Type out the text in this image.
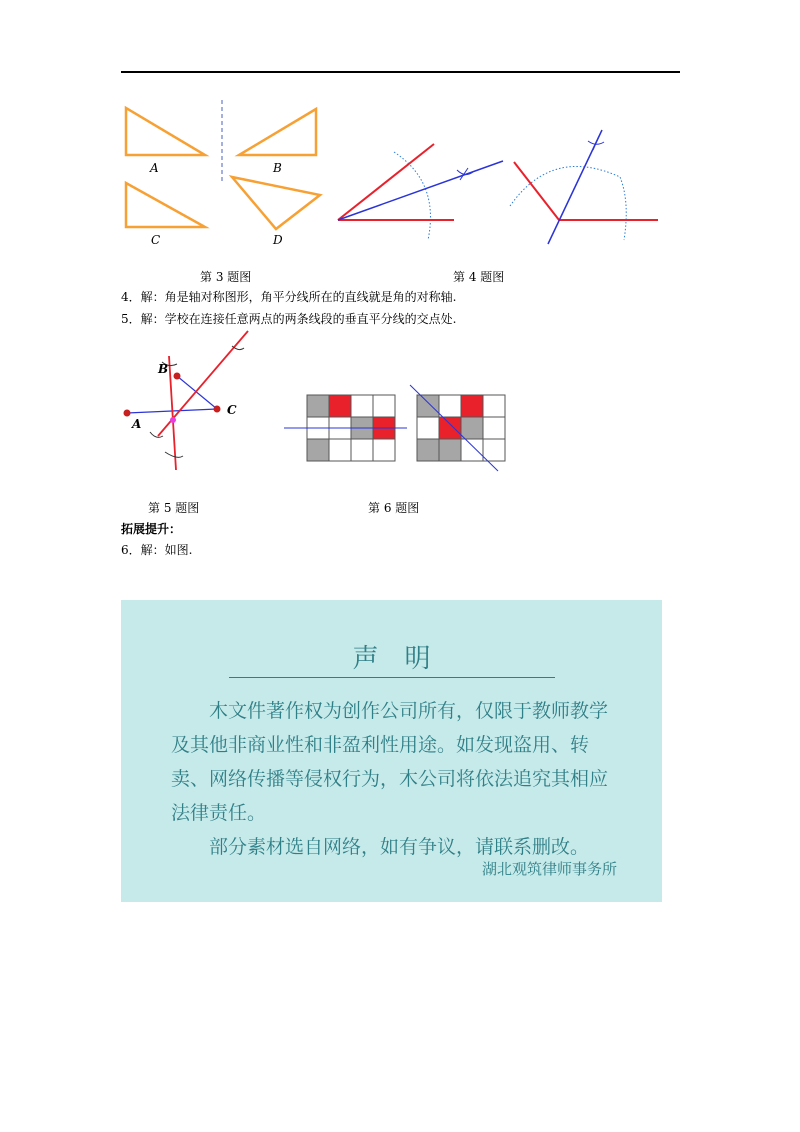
A	B
C	D
第 3 题图	第 4 题图
4．解：角是轴对称图形，角平分线所在的直线就是角的对称轴.
5．解：学校在连接任意两点的两条线段的垂直平分线的交点处.
A
B
C
第 5 题图	第 6 题图
拓展提升：
6．解：如图.
声　明

木文件著作权为创作公司所有，仅限于教师教学及其他非商业性和非盈利性用途。如发现盗用、转卖、网络传播等侵权行为，木公司将依法追究其相应法律责任。

部分素材选自网络，如有争议，请联系删改。

湖北观筑律师事务所
